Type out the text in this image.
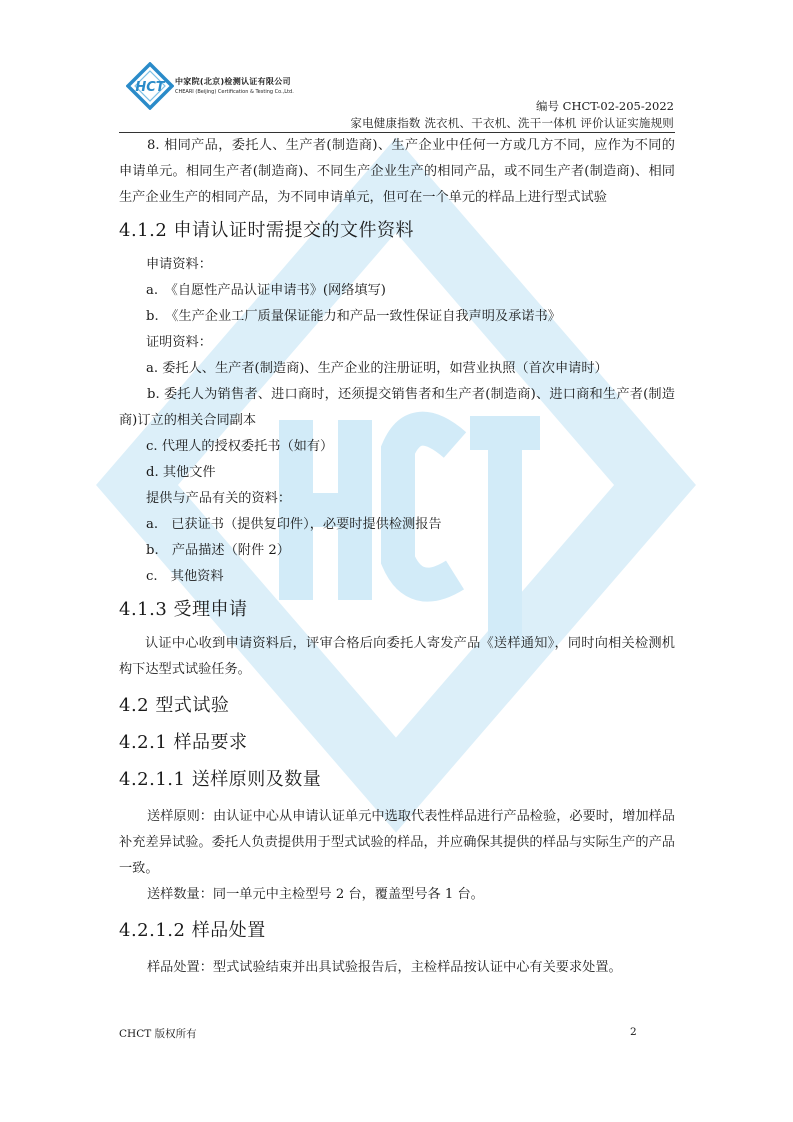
HCT 中家院(北京)检测认证有限公司
CHEARI (Beijing) Certification & Testing Co.,Ltd.
编号 CHCT-02-205-2022
家电健康指数 洗衣机、干衣机、洗干一体机 评价认证实施规则

8. 相同产品，委托人、生产者(制造商)、生产企业中任何一方或几方不同，应作为不同的申请单元。相同生产者(制造商)、不同生产企业生产的相同产品，或不同生产者(制造商)、相同生产企业生产的相同产品，为不同申请单元，但可在一个单元的样品上进行型式试验

4.1.2 申请认证时需提交的文件资料

申请资料：

a.　《自愿性产品认证申请书》(网络填写)

b.　《生产企业工厂质量保证能力和产品一致性保证自我声明及承诺书》

证明资料：

a. 委托人、生产者(制造商)、生产企业的注册证明，如营业执照（首次申请时）

b. 委托人为销售者、进口商时，还须提交销售者和生产者(制造商)、进口商和生产者(制造商)订立的相关合同副本

c. 代理人的授权委托书（如有）

d. 其他文件

提供与产品有关的资料：

a.　已获证书（提供复印件），必要时提供检测报告

b.　产品描述（附件 2）

c.　其他资料

4.1.3 受理申请

认证中心收到申请资料后，评审合格后向委托人寄发产品《送样通知》，同时向相关检测机构下达型式试验任务。

4.2 型式试验
4.2.1 样品要求
4.2.1.1 送样原则及数量

送样原则：由认证中心从申请认证单元中选取代表性样品进行产品检验，必要时，增加样品补充差异试验。委托人负责提供用于型式试验的样品，并应确保其提供的样品与实际生产的产品一致。

送样数量：同一单元中主检型号 2 台，覆盖型号各 1 台。

4.2.1.2 样品处置

样品处置：型式试验结束并出具试验报告后，主检样品按认证中心有关要求处置。

CHCT 版权所有	2
